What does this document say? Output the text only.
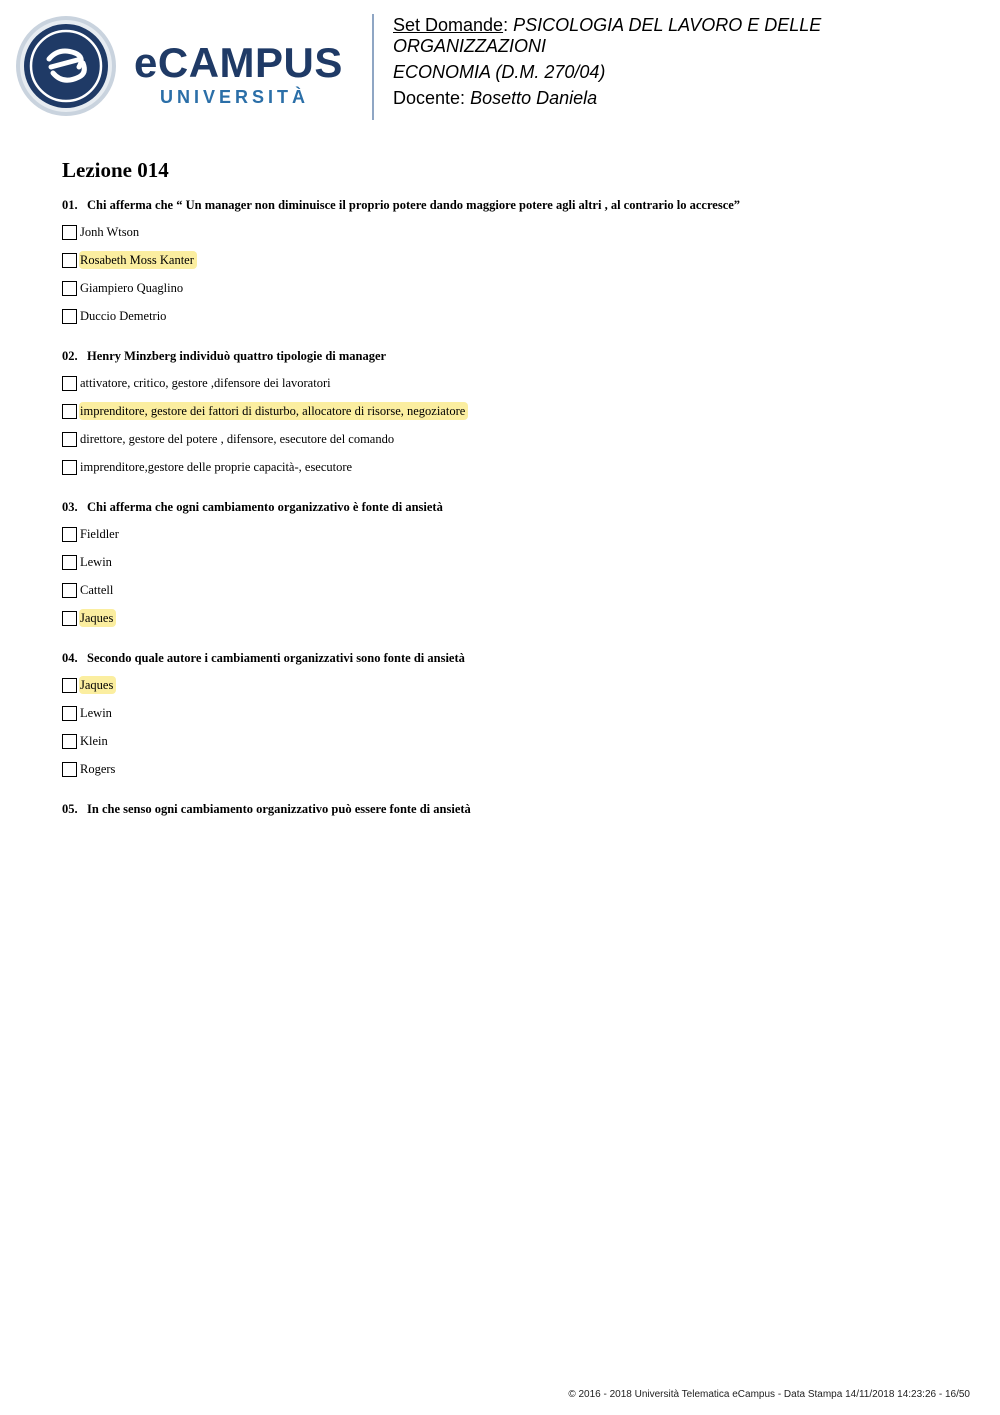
eCAMPUS
UNIVERSITÀ
Set Domande: PSICOLOGIA DEL LAVORO E DELLE ORGANIZZAZIONI
ECONOMIA (D.M. 270/04)
Docente: Bosetto Daniela
Lezione 014
01. Chi afferma che “ Un manager non diminuisce il proprio potere dando maggiore potere agli altri , al contrario lo accresce”
Jonh Wtson
Rosabeth Moss Kanter
Giampiero Quaglino
Duccio Demetrio
02. Henry Minzberg individuò quattro tipologie di manager
attivatore, critico, gestore ,difensore dei lavoratori
imprenditore, gestore dei fattori di disturbo, allocatore di risorse, negoziatore
direttore, gestore del potere , difensore, esecutore del comando
imprenditore,gestore delle proprie capacità-, esecutore
03. Chi afferma che ogni cambiamento organizzativo è fonte di ansietà
Fieldler
Lewin
Cattell
Jaques
04. Secondo quale autore i cambiamenti organizzativi sono fonte di ansietà
Jaques
Lewin
Klein
Rogers
05. In che senso ogni cambiamento organizzativo può essere fonte di ansietà
© 2016 - 2018 Università Telematica eCampus - Data Stampa 14/11/2018 14:23:26 - 16/50
